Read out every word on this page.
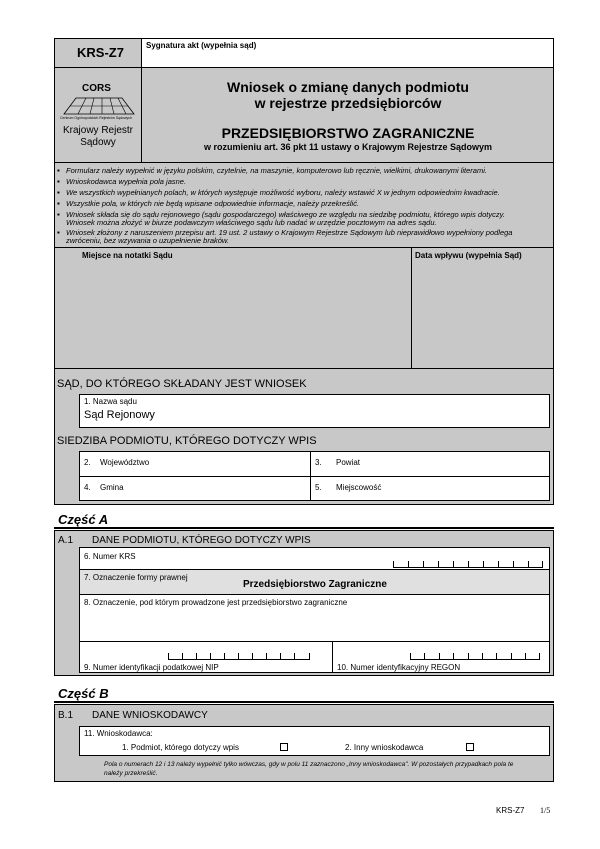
KRS-Z7	Sygnatura akt (wypełnia sąd)
CORS
Centrum Ogólnopolskich Rejestrów Sądowych
Krajowy Rejestr
Sądowy
Wniosek o zmianę danych podmiotu
w rejestrze przedsiębiorców
PRZEDSIĘBIORSTWO ZAGRANICZNE
w rozumieniu art. 36 pkt 11 ustawy o Krajowym Rejestrze Sądowym
▪ Formularz należy wypełnić w języku polskim, czytelnie, na maszynie, komputerowo lub ręcznie, wielkimi, drukowanymi literami.
▪ Wnioskodawca wypełnia pola jasne.
▪ We wszystkich wypełnianych polach, w których występuje możliwość wyboru, należy wstawić X w jednym odpowiednim kwadracie.
▪ Wszystkie pola, w których nie będą wpisane odpowiednie informacje, należy przekreślić.
▪ Wniosek składa się do sądu rejonowego (sądu gospodarczego) właściwego ze względu na siedzibę podmiotu, którego wpis dotyczy.
Wniosek można złożyć w biurze podawczym właściwego sądu lub nadać w urzędzie pocztowym na adres sądu.
▪ Wniosek złożony z naruszeniem przepisu art. 19 ust. 2 ustawy o Krajowym Rejestrze Sądowym lub nieprawidłowo wypełniony podlega
zwróceniu, bez wzywania o uzupełnienie braków.
Miejsce na notatki Sądu	Data wpływu (wypełnia Sąd)
SĄD, DO KTÓREGO SKŁADANY JEST WNIOSEK
1. Nazwa sądu
Sąd Rejonowy
SIEDZIBA PODMIOTU, KTÓREGO DOTYCZY WPIS
2. Województwo	3. Powiat
4. Gmina	5. Miejscowość
Część A
A.1 DANE PODMIOTU, KTÓREGO DOTYCZY WPIS
6. Numer KRS
7. Oznaczenie formy prawnej
Przedsiębiorstwo Zagraniczne
8. Oznaczenie, pod którym prowadzone jest przedsiębiorstwo zagraniczne
9. Numer identyfikacji podatkowej NIP	10. Numer identyfikacyjny REGON
Część B
B.1 DANE WNIOSKODAWCY
11. Wnioskodawca:
1. Podmiot, którego dotyczy wpis	2. Inny wnioskodawca
Pola o numerach 12 i 13 należy wypełnić tylko wówczas, gdy w polu 11 zaznaczono „Inny wnioskodawca". W pozostałych przypadkach pola te
należy przekreślić.
KRS-Z7 1/5
